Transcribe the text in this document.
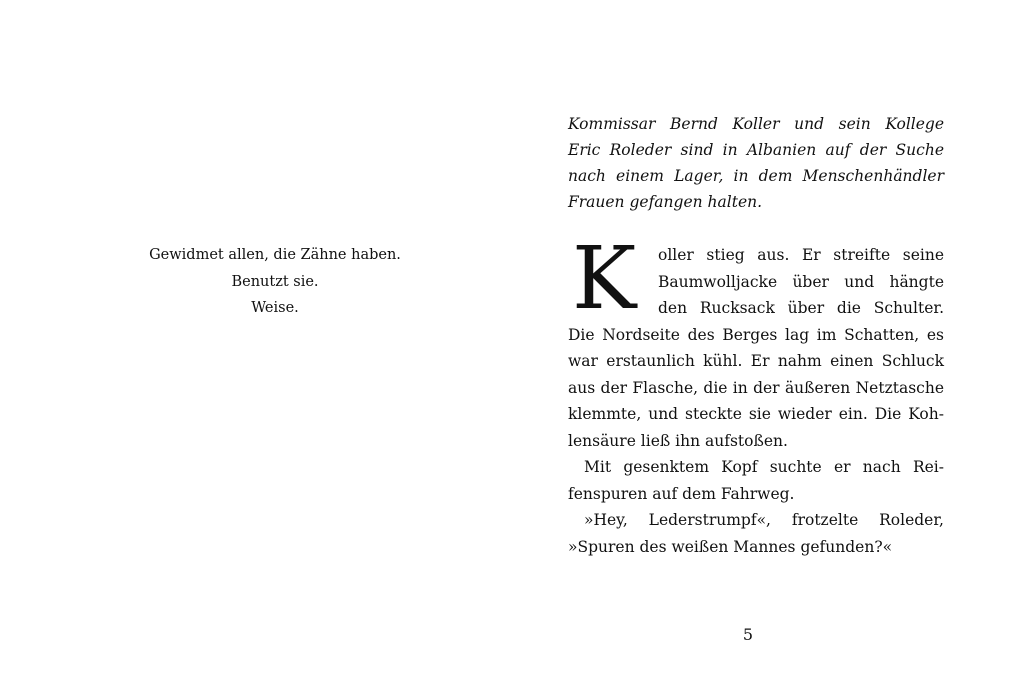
Gewidmet allen, die Zähne haben.
Benutzt sie.
Weise.
Kommissar Bernd Koller und sein Kollege
Eric Roleder sind in Albanien auf der Suche
nach einem Lager, in dem Menschenhändler
Frauen gefangen halten.
K	oller stieg aus. Er streifte seine
Baumwolljacke über und hängte
den Rucksack über die Schulter.
Die Nordseite des Berges lag im Schatten, es
war erstaunlich kühl. Er nahm einen Schluck
aus der Flasche, die in der äußeren Netztasche
klemmte, und steckte sie wieder ein. Die Koh-
lensäure ließ ihn aufstoßen.
Mit gesenktem Kopf suchte er nach Rei-
fenspuren auf dem Fahrweg.
»Hey, Lederstrumpf«, frotzelte Roleder,
»Spuren des weißen Mannes gefunden?«
5
